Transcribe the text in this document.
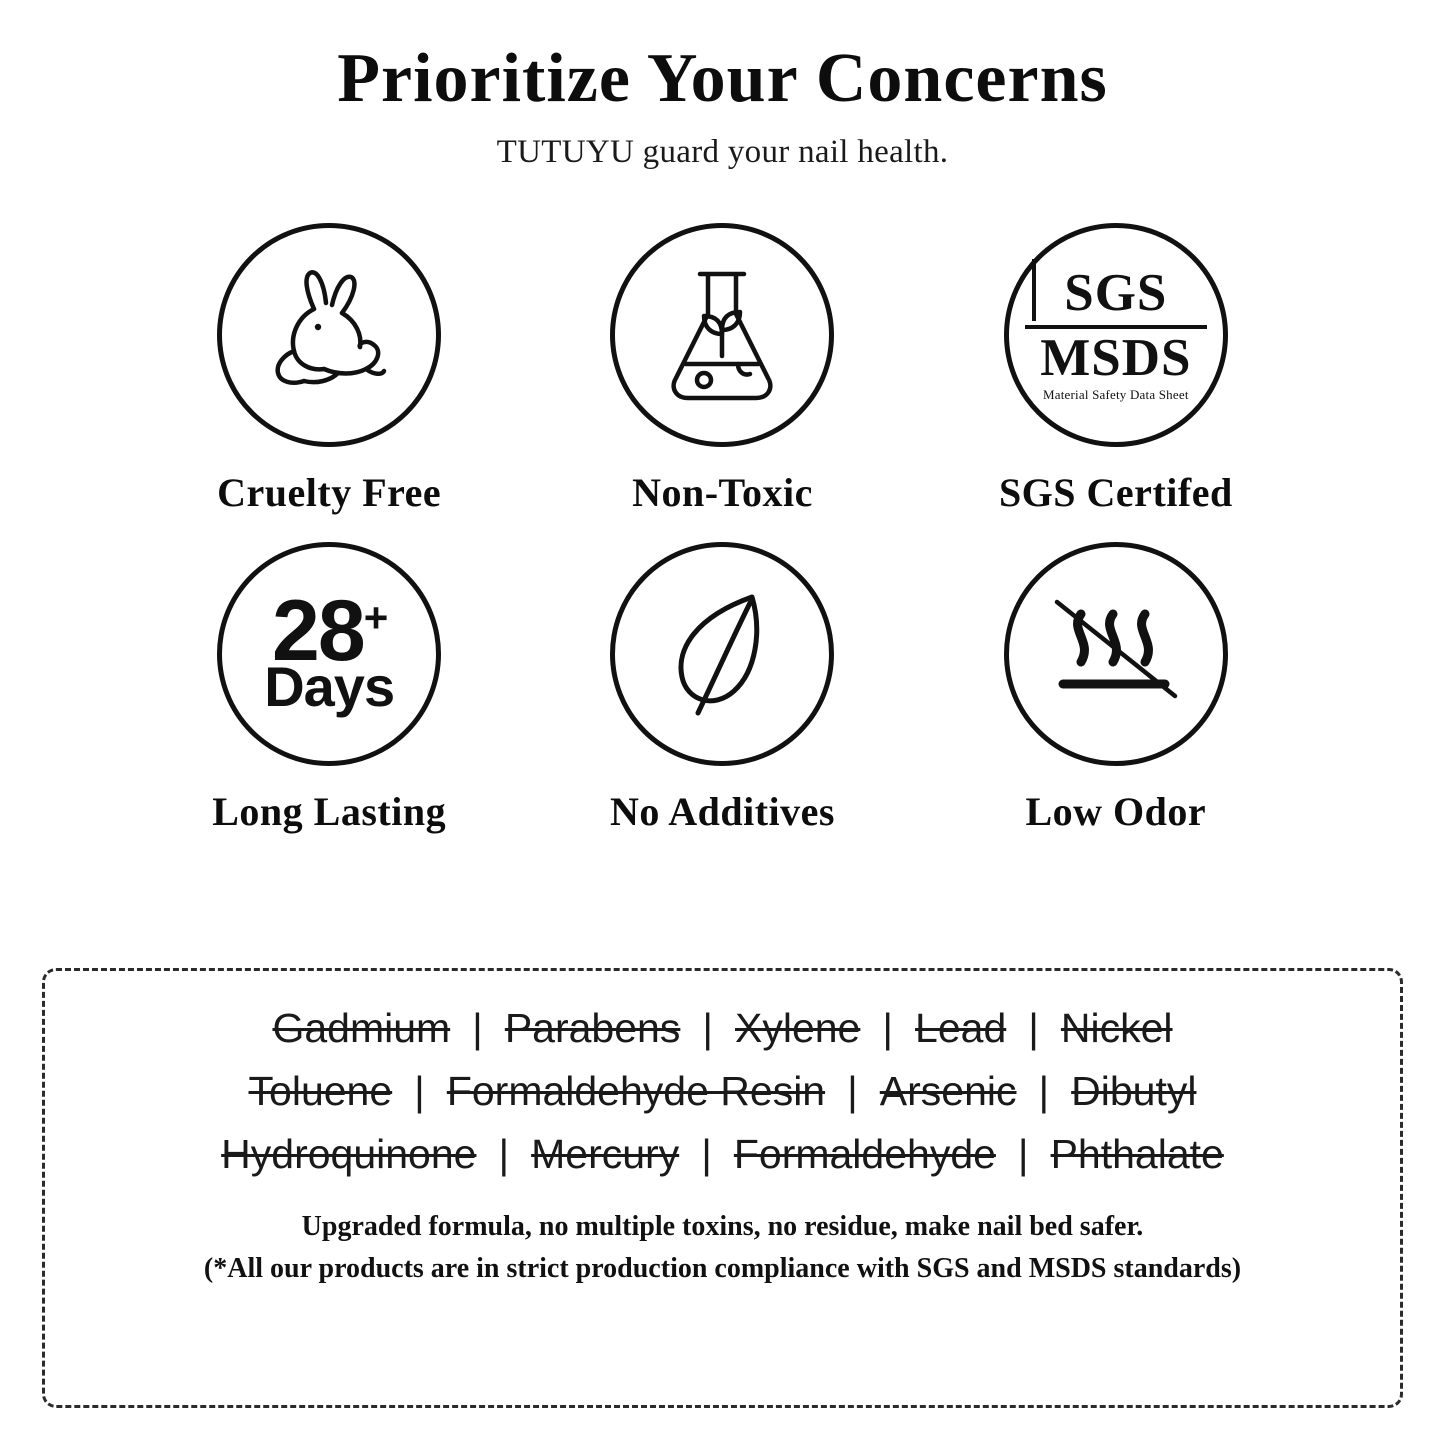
Prioritize Your Concerns

TUTUYU guard your nail health.

Cruelty Free	Non-Toxic
SGS
MSDS
Material Safety Data Sheet
SGS Certifed
28 +
Days
Long Lasting	No Additives	Low Odor
Gadmium | Parabens | Xylene | Lead | Nickel
Toluene | Formaldehyde Resin | Arsenic | Dibutyl
Hydroquinone | Mercury | Formaldehyde | Phthalate
Upgraded formula, no multiple toxins, no residue, make nail bed safer.
(*All our products are in strict production compliance with SGS and MSDS standards)
